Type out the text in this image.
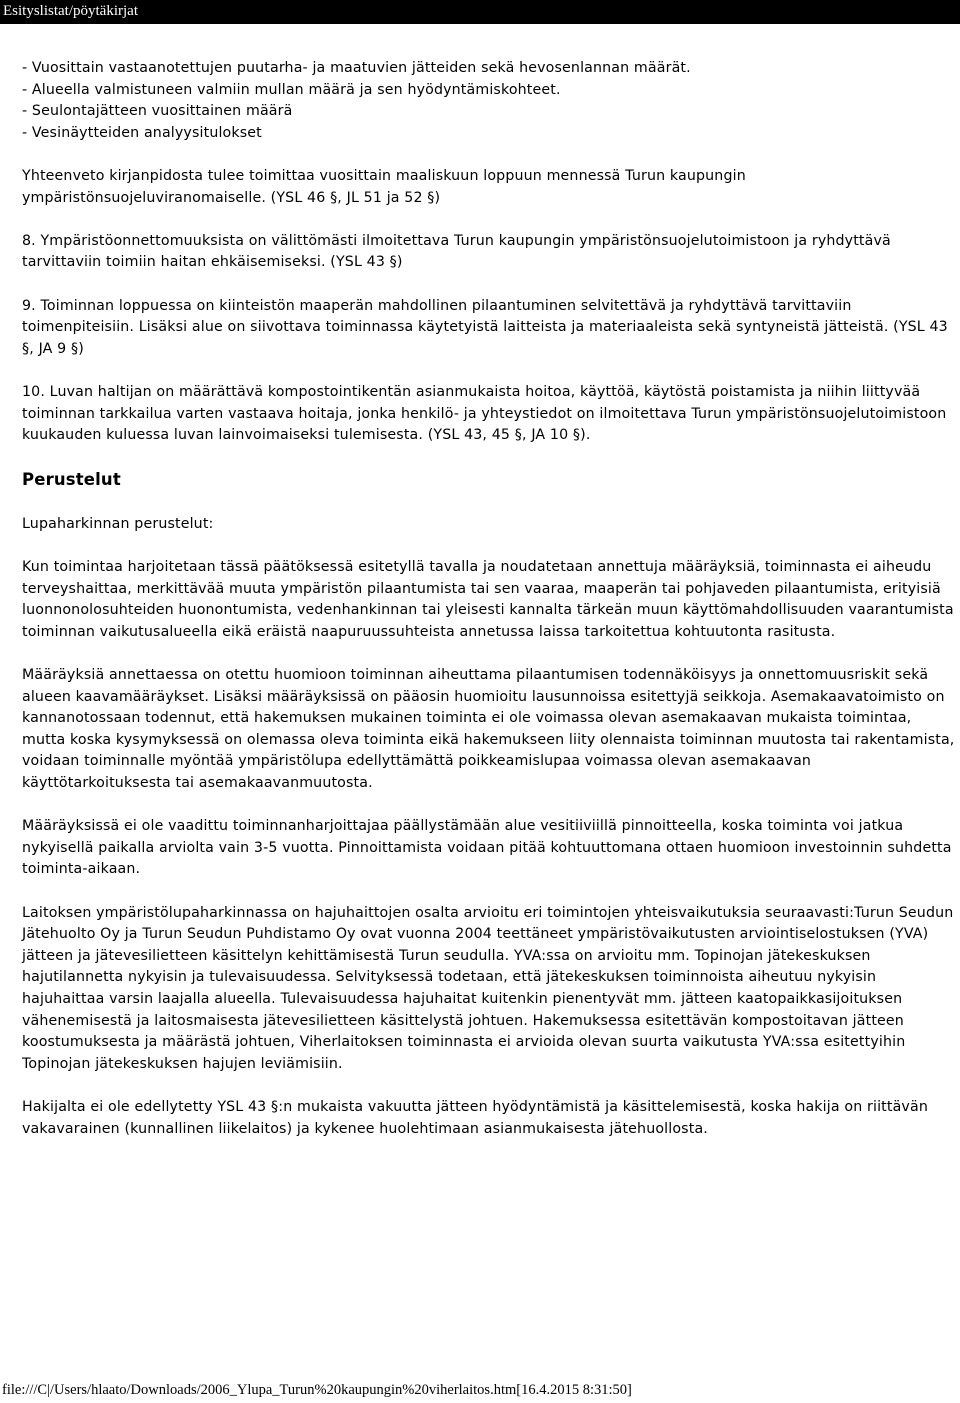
Esityslistat/pöytäkirjat

- Vuosittain vastaanotettujen puutarha- ja maatuvien jätteiden sekä hevosenlannan määrät.

- Alueella valmistuneen valmiin mullan määrä ja sen hyödyntämiskohteet.

- Seulontajätteen vuosittainen määrä

- Vesinäytteiden analyysitulokset

Yhteenveto kirjanpidosta tulee toimittaa vuosittain maaliskuun loppuun mennessä Turun kaupungin ympäristönsuojeluviranomaiselle. (YSL 46 §, JL 51 ja 52 §)

8. Ympäristöonnettomuuksista on välittömästi ilmoitettava Turun kaupungin ympäristönsuojelutoimistoon ja ryhdyttävä tarvittaviin toimiin haitan ehkäisemiseksi. (YSL 43 §)

9. Toiminnan loppuessa on kiinteistön maaperän mahdollinen pilaantuminen selvitettävä ja ryhdyttävä tarvittaviin toimenpiteisiin. Lisäksi alue on siivottava toiminnassa käytetyistä laitteista ja materiaaleista sekä syntyneistä jätteistä. (YSL 43 §, JA 9 §)

10. Luvan haltijan on määrättävä kompostointikentän asianmukaista hoitoa, käyttöä, käytöstä poistamista ja niihin liittyvää toiminnan tarkkailua varten vastaava hoitaja, jonka henkilö- ja yhteystiedot on ilmoitettava Turun ympäristönsuojelutoimistoon kuukauden kuluessa luvan lainvoimaiseksi tulemisesta. (YSL 43, 45 §, JA 10 §).

Perustelut

Lupaharkinnan perustelut:

Kun toimintaa harjoitetaan tässä päätöksessä esitetyllä tavalla ja noudatetaan annettuja määräyksiä, toiminnasta ei aiheudu terveyshaittaa, merkittävää muuta ympäristön pilaantumista tai sen vaaraa, maaperän tai pohjaveden pilaantumista, erityisiä luonnonolosuhteiden huonontumista, vedenhankinnan tai yleisesti kannalta tärkeän muun käyttömahdollisuuden vaarantumista toiminnan vaikutusalueella eikä eräistä naapuruussuhteista annetussa laissa tarkoitettua kohtuutonta rasitusta.

Määräyksiä annettaessa on otettu huomioon toiminnan aiheuttama pilaantumisen todennäköisyys ja onnettomuusriskit sekä alueen kaavamääräykset. Lisäksi määräyksissä on pääosin huomioitu lausunnoissa esitettyjä seikkoja. Asemakaavatoimisto on kannanotossaan todennut, että hakemuksen mukainen toiminta ei ole voimassa olevan asemakaavan mukaista toimintaa, mutta koska kysymyksessä on olemassa oleva toiminta eikä hakemukseen liity olennaista toiminnan muutosta tai rakentamista, voidaan toiminnalle myöntää ympäristölupa edellyttämättä poikkeamislupaa voimassa olevan asemakaavan käyttötarkoituksesta tai asemakaavanmuutosta.

Määräyksissä ei ole vaadittu toiminnanharjoittajaa päällystämään alue vesitiiviillä pinnoitteella, koska toiminta voi jatkua nykyisellä paikalla arviolta vain 3-5 vuotta. Pinnoittamista voidaan pitää kohtuuttomana ottaen huomioon investoinnin suhdetta toiminta-aikaan.

Laitoksen ympäristölupaharkinnassa on hajuhaittojen osalta arvioitu eri toimintojen yhteisvaikutuksia seuraavasti:Turun Seudun Jätehuolto Oy ja Turun Seudun Puhdistamo Oy ovat vuonna 2004 teettäneet ympäristövaikutusten arviointiselostuksen (YVA) jätteen ja jätevesilietteen käsittelyn kehittämisestä Turun seudulla. YVA:ssa on arvioitu mm. Topinojan jätekeskuksen hajutilannetta nykyisin ja tulevaisuudessa. Selvityksessä todetaan, että jätekeskuksen toiminnoista aiheutuu nykyisin hajuhaittaa varsin laajalla alueella. Tulevaisuudessa hajuhaitat kuitenkin pienentyvät mm. jätteen kaatopaikkasijoituksen vähenemisestä ja laitosmaisesta jätevesilietteen käsittelystä johtuen. Hakemuksessa esitettävän kompostoitavan jätteen koostumuksesta ja määrästä johtuen, Viherlaitoksen toiminnasta ei arvioida olevan suurta vaikutusta YVA:ssa esitettyihin Topinojan jätekeskuksen hajujen leviämisiin.

Hakijalta ei ole edellytetty YSL 43 §:n mukaista vakuutta jätteen hyödyntämistä ja käsittelemisestä, koska hakija on riittävän vakavarainen (kunnallinen liikelaitos) ja kykenee huolehtimaan asianmukaisesta jätehuollosta.

file:///C|/Users/hlaato/Downloads/2006_Ylupa_Turun%20kaupungin%20viherlaitos.htm[16.4.2015 8:31:50]
